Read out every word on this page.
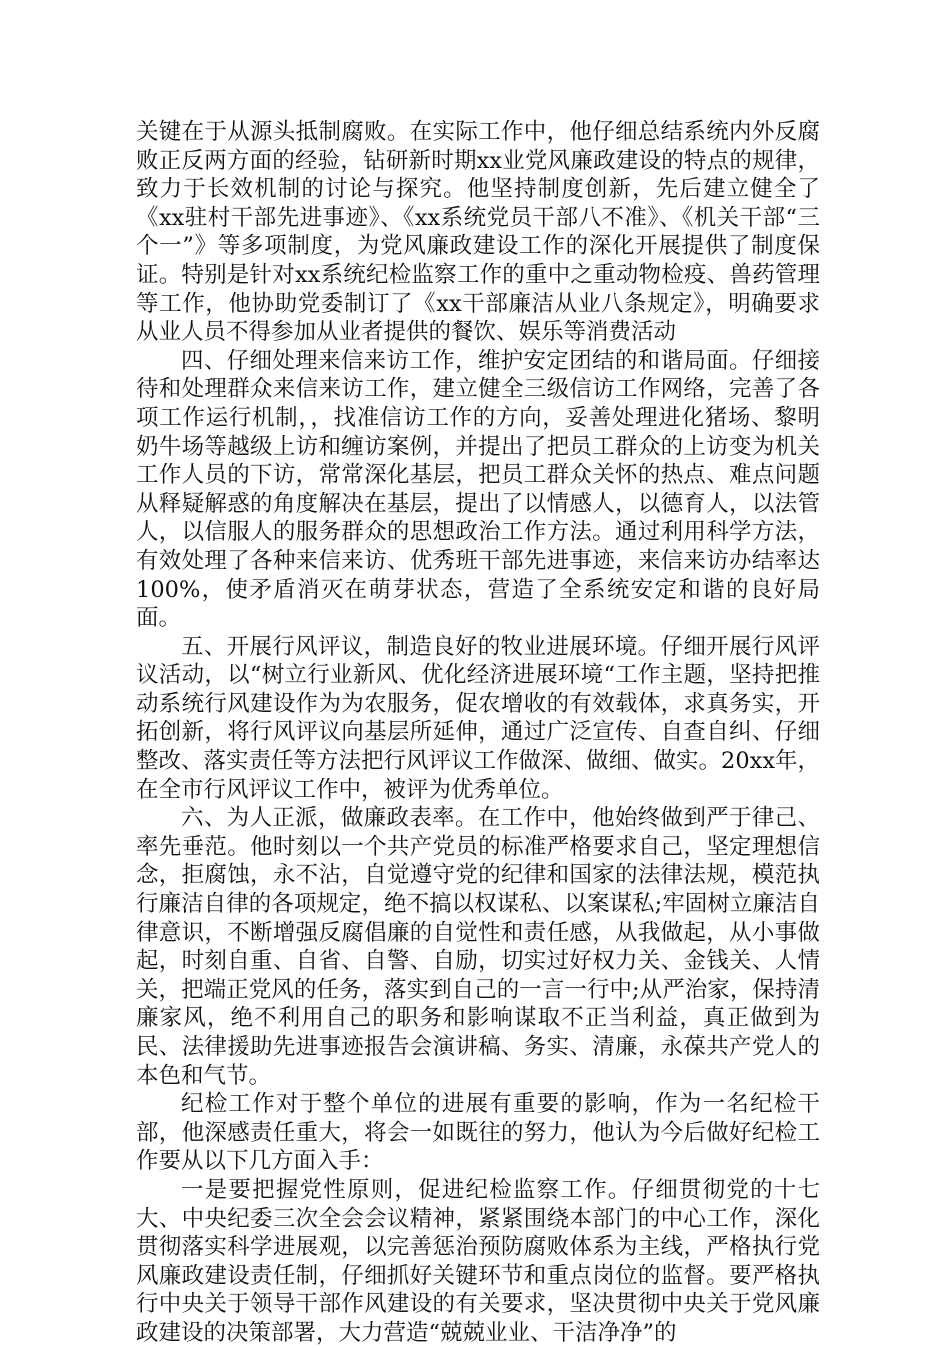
关键在于从源头抵制腐败。在实际工作中，他仔细总结系统内外反腐败正反两方面的经验，钻研新时期xx业党风廉政建设的特点的规律，致力于长效机制的讨论与探究。他坚持制度创新，先后建立健全了《xx驻村干部先进事迹》、《xx系统党员干部八不准》、《机关干部“三个一”》等多项制度，为党风廉政建设工作的深化开展提供了制度保证。特别是针对xx系统纪检监察工作的重中之重动物检疫、兽药管理等工作，他协助党委制订了《xx干部廉洁从业八条规定》，明确要求从业人员不得参加从业者提供的餐饮、娱乐等消费活动

四、仔细处理来信来访工作，维护安定团结的和谐局面。仔细接待和处理群众来信来访工作，建立健全三级信访工作网络，完善了各项工作运行机制，，找准信访工作的方向，妥善处理进化猪场、黎明奶牛场等越级上访和缠访案例，并提出了把员工群众的上访变为机关工作人员的下访，常常深化基层，把员工群众关怀的热点、难点问题从释疑解惑的角度解决在基层，提出了以情感人，以德育人，以法管人，以信服人的服务群众的思想政治工作方法。通过利用科学方法，有效处理了各种来信来访、优秀班干部先进事迹，来信来访办结率达100%，使矛盾消灭在萌芽状态，营造了全系统安定和谐的良好局面。

五、开展行风评议，制造良好的牧业进展环境。仔细开展行风评议活动，以“树立行业新风、优化经济进展环境“工作主题，坚持把推动系统行风建设作为为农服务，促农增收的有效载体，求真务实，开拓创新，将行风评议向基层所延伸，通过广泛宣传、自查自纠、仔细整改、落实责任等方法把行风评议工作做深、做细、做实。20xx年，在全市行风评议工作中，被评为优秀单位。

六、为人正派，做廉政表率。在工作中，他始终做到严于律己、率先垂范。他时刻以一个共产党员的标准严格要求自己，坚定理想信念，拒腐蚀，永不沾，自觉遵守党的纪律和国家的法律法规，模范执行廉洁自律的各项规定，绝不搞以权谋私、以案谋私;牢固树立廉洁自律意识，不断增强反腐倡廉的自觉性和责任感，从我做起，从小事做起，时刻自重、自省、自警、自励，切实过好权力关、金钱关、人情关，把端正党风的任务，落实到自己的一言一行中;从严治家，保持清廉家风，绝不利用自己的职务和影响谋取不正当利益，真正做到为民、法律援助先进事迹报告会演讲稿、务实、清廉，永葆共产党人的本色和气节。

纪检工作对于整个单位的进展有重要的影响，作为一名纪检干部，他深感责任重大，将会一如既往的努力，他认为今后做好纪检工作要从以下几方面入手：

一是要把握党性原则，促进纪检监察工作。仔细贯彻党的十七大、中央纪委三次全会会议精神，紧紧围绕本部门的中心工作，深化贯彻落实科学进展观，以完善惩治预防腐败体系为主线，严格执行党风廉政建设责任制，仔细抓好关键环节和重点岗位的监督。要严格执行中央关于领导干部作风建设的有关要求，坚决贯彻中央关于党风廉政建设的决策部署，大力营造“兢兢业业、干洁净净”的
